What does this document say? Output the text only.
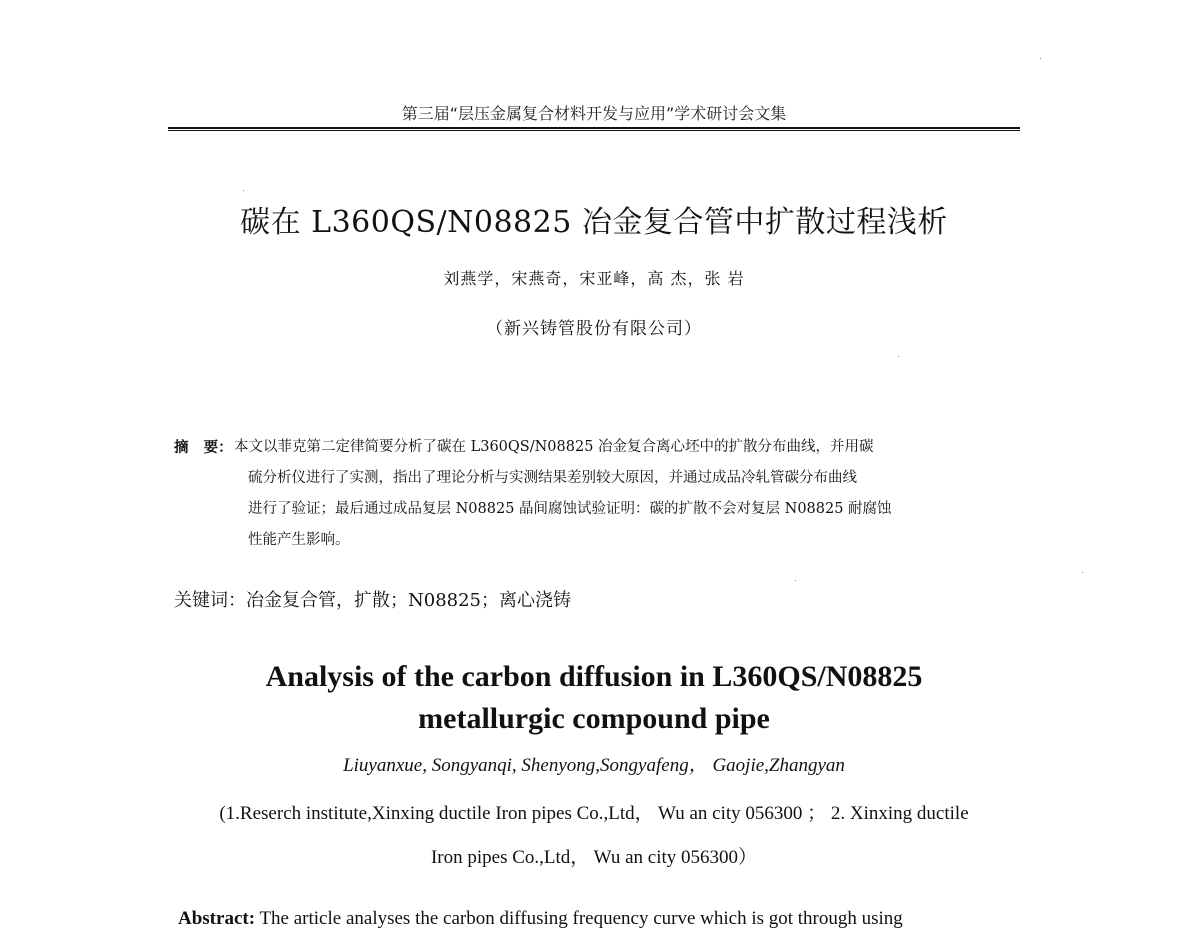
第三届“层压金属复合材料开发与应用”学术研讨会文集
碳在 L360QS/N08825 冶金复合管中扩散过程浅析
刘燕学，宋燕奇，宋亚峰，高 杰，张 岩
（新兴铸管股份有限公司）
摘   要： 本文以菲克第二定律简要分析了碳在 L360QS/N08825 冶金复合离心坯中的扩散分布曲线，并用碳
硫分析仪进行了实测，指出了理论分析与实测结果差别较大原因，并通过成品冷轧管碳分布曲线
进行了验证；最后通过成品复层 N08825 晶间腐蚀试验证明：碳的扩散不会对复层 N08825 耐腐蚀
性能产生影响。
关键词：冶金复合管，扩散；N08825；离心浇铸
Analysis of the carbon diffusion in L360QS/N08825
metallurgic compound pipe
Liuyanxue, Songyanqi, Shenyong,Songyafeng， Gaojie,Zhangyan
(1.Reserch institute,Xinxing ductile Iron pipes Co.,Ltd， Wu an city 056300 ； 2. Xinxing ductile
Iron pipes Co.,Ltd， Wu an city 056300）
Abstract: The article analyses the carbon diffusing frequency curve which is got through using
